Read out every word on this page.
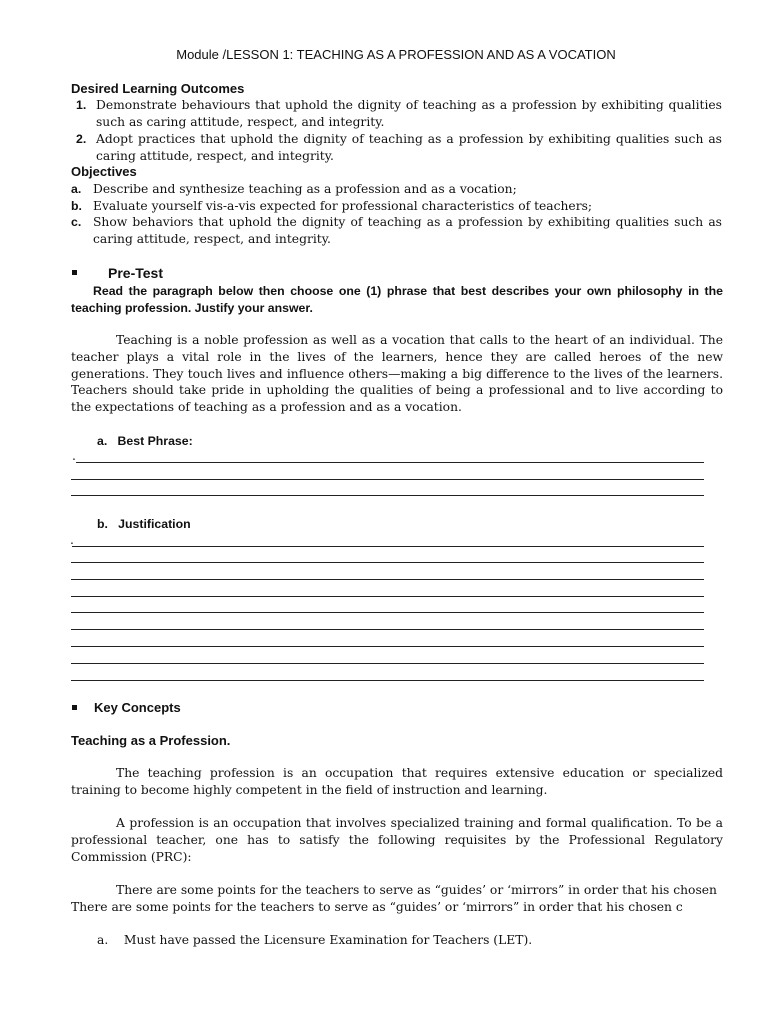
Module /LESSON 1: TEACHING AS A PROFESSION AND AS A VOCATION
Desired Learning Outcomes
1. Demonstrate behaviours that uphold the dignity of teaching as a profession by exhibiting qualities such as caring attitude, respect, and integrity.
2. Adopt practices that uphold the dignity of teaching as a profession by exhibiting qualities such as caring attitude, respect, and integrity.
Objectives
a. Describe and synthesize teaching as a profession and as a vocation;
b. Evaluate yourself vis-a-vis expected for professional characteristics of teachers;
c. Show behaviors that uphold the dignity of teaching as a profession by exhibiting qualities such as caring attitude, respect, and integrity.
Pre-Test
Read the paragraph below then choose one (1) phrase that best describes your own philosophy in the teaching profession. Justify your answer.
Teaching is a noble profession as well as a vocation that calls to the heart of an individual. The teacher plays a vital role in the lives of the learners, hence they are called heroes of the new generations. They touch lives and influence others—making a big difference to the lives of the learners. Teachers should take pride in upholding the qualities of being a professional and to live according to the expectations of teaching as a profession and as a vocation.
a.   Best Phrase:
.
b.   Justification
.
Key Concepts
Teaching as a Profession.
The teaching profession is an occupation that requires extensive education or specialized training to become highly competent in the field of instruction and learning.
A profession is an occupation that involves specialized training and formal qualification. To be a professional teacher, one has to satisfy the following requisites by the Professional Regulatory Commission (PRC):
There are some points for the teachers to serve as “guides’ or ‘mirrors” in order that his chosen
There are some points for the teachers to serve as “guides’ or ‘mirrors” in order that his chosen c
a.    Must have passed the Licensure Examination for Teachers (LET).
